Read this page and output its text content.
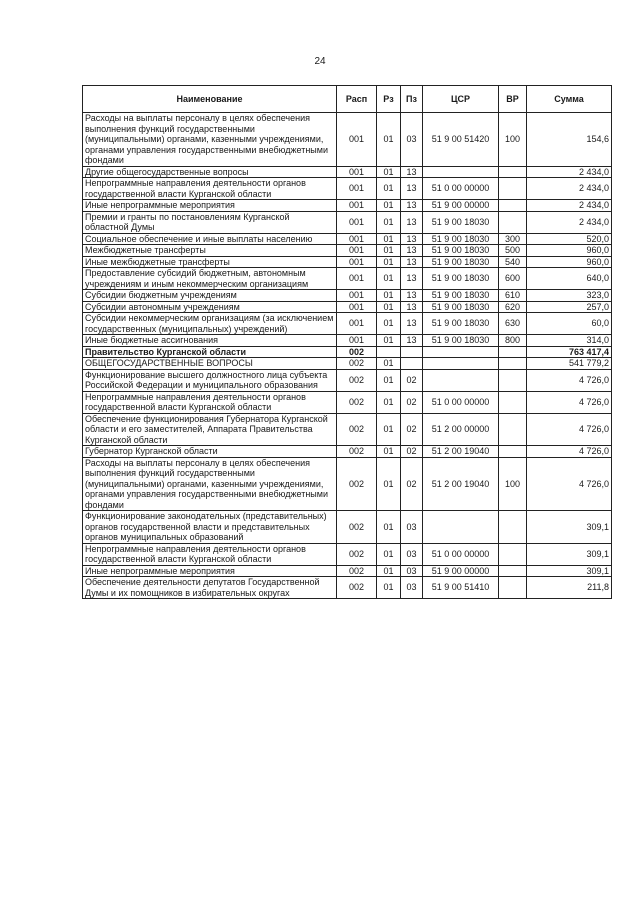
24
Наименование	Расп	Рз	Пз	ЦСР	ВР	Сумма
Расходы на выплаты персоналу в целях обеспечения выполнения функций государственными (муниципальными) органами, казенными учреждениями, органами управления государственными внебюджетными фондами	001	01	03	51 9 00 51420	100	154,6
Другие общегосударственные вопросы	001	01	13			2 434,0
Непрограммные направления деятельности органов государственной власти Курганской области	001	01	13	51 0 00 00000		2 434,0
Иные непрограммные мероприятия	001	01	13	51 9 00 00000		2 434,0
Премии и гранты по постановлениям Курганской областной Думы	001	01	13	51 9 00 18030		2 434,0
Социальное обеспечение и иные выплаты населению	001	01	13	51 9 00 18030	300	520,0
Межбюджетные трансферты	001	01	13	51 9 00 18030	500	960,0
Иные межбюджетные трансферты	001	01	13	51 9 00 18030	540	960,0
Предоставление субсидий бюджетным, автономным учреждениям и иным некоммерческим организациям	001	01	13	51 9 00 18030	600	640,0
Субсидии бюджетным учреждениям	001	01	13	51 9 00 18030	610	323,0
Субсидии автономным учреждениям	001	01	13	51 9 00 18030	620	257,0
Субсидии некоммерческим организациям (за исключением государственных (муниципальных) учреждений)	001	01	13	51 9 00 18030	630	60,0
Иные бюджетные ассигнования	001	01	13	51 9 00 18030	800	314,0
Правительство Курганской области	002					763 417,4
ОБЩЕГОСУДАРСТВЕННЫЕ ВОПРОСЫ	002	01				541 779,2
Функционирование высшего должностного лица субъекта Российской Федерации и муниципального образования	002	01	02			4 726,0
Непрограммные направления деятельности органов государственной власти Курганской области	002	01	02	51 0 00 00000		4 726,0
Обеспечение функционирования Губернатора Курганской области и его заместителей, Аппарата Правительства Курганской области	002	01	02	51 2 00 00000		4 726,0
Губернатор Курганской области	002	01	02	51 2 00 19040		4 726,0
Расходы на выплаты персоналу в целях обеспечения выполнения функций государственными (муниципальными) органами, казенными учреждениями, органами управления государственными внебюджетными фондами	002	01	02	51 2 00 19040	100	4 726,0
Функционирование законодательных (представительных) органов государственной власти и представительных органов муниципальных образований	002	01	03			309,1
Непрограммные направления деятельности органов государственной власти Курганской области	002	01	03	51 0 00 00000		309,1
Иные непрограммные мероприятия	002	01	03	51 9 00 00000		309,1
Обеспечение деятельности депутатов Государственной Думы и их помощников в избирательных округах	002	01	03	51 9 00 51410		211,8
